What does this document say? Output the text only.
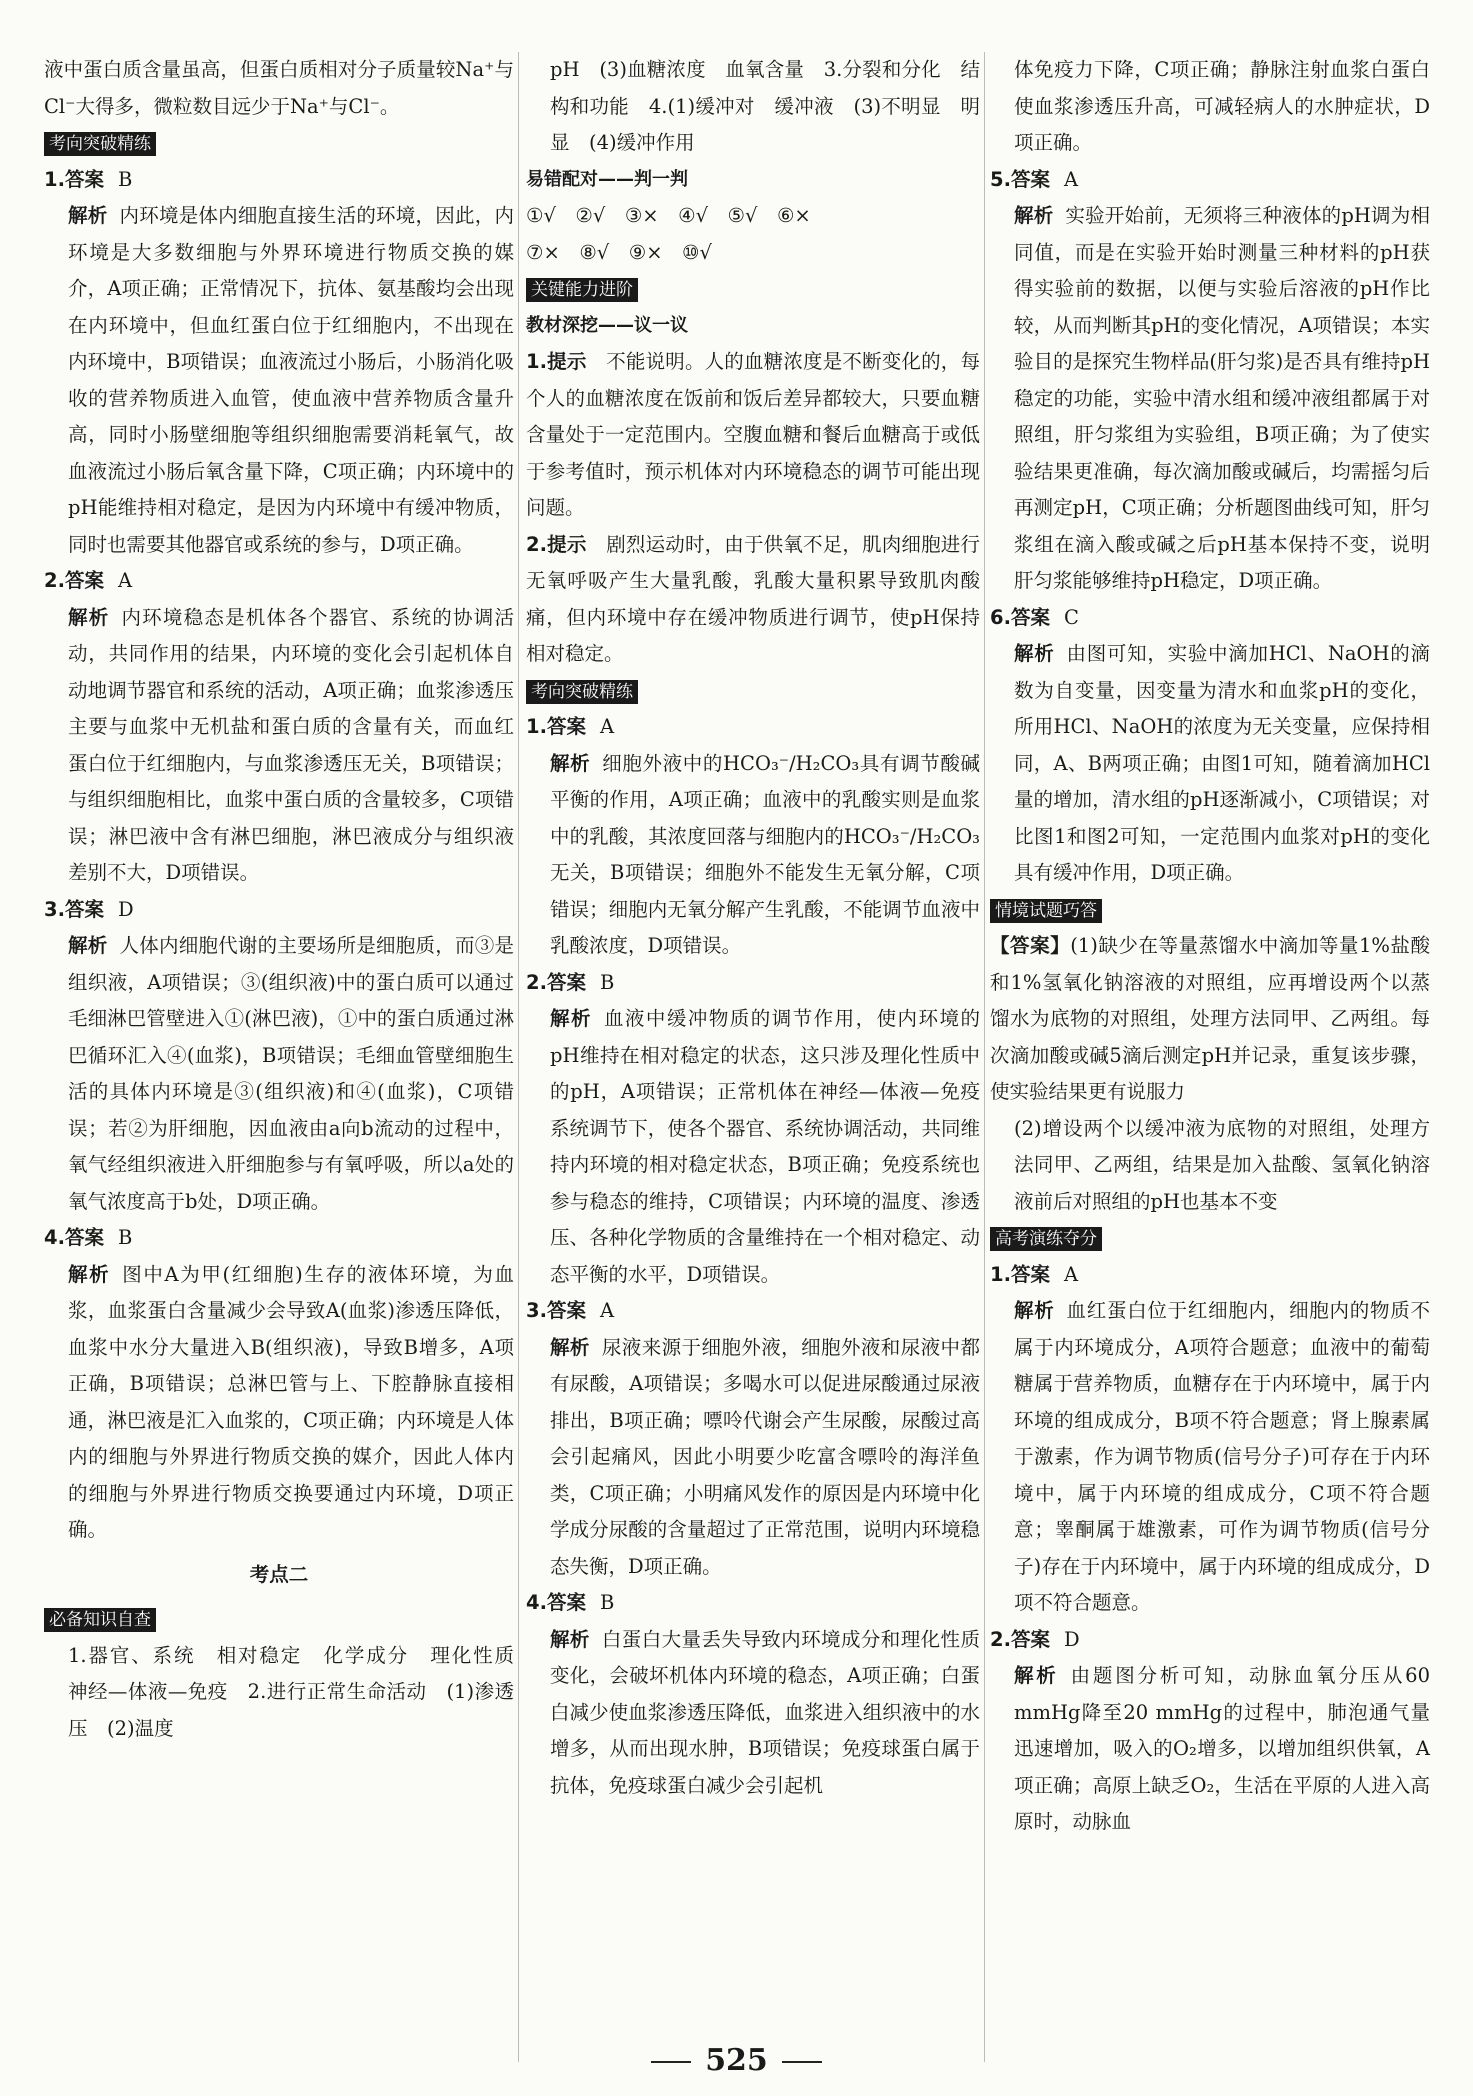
液中蛋白质含量虽高，但蛋白质相对分子质量较Na⁺与Cl⁻大得多，微粒数目远少于Na⁺与Cl⁻。

考向突破精练
1.答案 B

解析 内环境是体内细胞直接生活的环境，因此，内环境是大多数细胞与外界环境进行物质交换的媒介，A项正确；正常情况下，抗体、氨基酸均会出现在内环境中，但血红蛋白位于红细胞内，不出现在内环境中，B项错误；血液流过小肠后，小肠消化吸收的营养物质进入血管，使血液中营养物质含量升高，同时小肠壁细胞等组织细胞需要消耗氧气，故血液流过小肠后氧含量下降，C项正确；内环境中的pH能维持相对稳定，是因为内环境中有缓冲物质，同时也需要其他器官或系统的参与，D项正确。

2.答案 A

解析 内环境稳态是机体各个器官、系统的协调活动，共同作用的结果，内环境的变化会引起机体自动地调节器官和系统的活动，A项正确；血浆渗透压主要与血浆中无机盐和蛋白质的含量有关，而血红蛋白位于红细胞内，与血浆渗透压无关，B项错误；与组织细胞相比，血浆中蛋白质的含量较多，C项错误；淋巴液中含有淋巴细胞，淋巴液成分与组织液差别不大，D项错误。

3.答案 D

解析 人体内细胞代谢的主要场所是细胞质，而③是组织液，A项错误；③(组织液)中的蛋白质可以通过毛细淋巴管壁进入①(淋巴液)，①中的蛋白质通过淋巴循环汇入④(血浆)，B项错误；毛细血管壁细胞生活的具体内环境是③(组织液)和④(血浆)，C项错误；若②为肝细胞，因血液由a向b流动的过程中，氧气经组织液进入肝细胞参与有氧呼吸，所以a处的氧气浓度高于b处，D项正确。

4.答案 B

解析 图中A为甲(红细胞)生存的液体环境，为血浆，血浆蛋白含量减少会导致A(血浆)渗透压降低，血浆中水分大量进入B(组织液)，导致B增多，A项正确，B项错误；总淋巴管与上、下腔静脉直接相通，淋巴液是汇入血浆的，C项正确；内环境是人体内的细胞与外界进行物质交换的媒介，因此人体内的细胞与外界进行物质交换要通过内环境，D项正确。

考点二
必备知识自查

1.器官、系统　相对稳定　化学成分　理化性质　神经—体液—免疫　2.进行正常生命活动　(1)渗透压　(2)温度

pH　(3)血糖浓度　血氧含量　3.分裂和分化　结构和功能　4.(1)缓冲对　缓冲液　(3)不明显　明显　(4)缓冲作用

易错配对——判一判

①√　②√　③×　④√　⑤√　⑥×

⑦×　⑧√　⑨×　⑩√

关键能力进阶
教材深挖——议一议

1.提示　 不能说明。人的血糖浓度是不断变化的，每个人的血糖浓度在饭前和饭后差异都较大，只要血糖含量处于一定范围内。空腹血糖和餐后血糖高于或低于参考值时，预示机体对内环境稳态的调节可能出现问题。

2.提示　 剧烈运动时，由于供氧不足，肌肉细胞进行无氧呼吸产生大量乳酸，乳酸大量积累导致肌肉酸痛，但内环境中存在缓冲物质进行调节，使pH保持相对稳定。

考向突破精练
1.答案 A

解析 细胞外液中的HCO₃⁻/H₂CO₃具有调节酸碱平衡的作用，A项正确；血液中的乳酸实则是血浆中的乳酸，其浓度回落与细胞内的HCO₃⁻/H₂CO₃无关，B项错误；细胞外不能发生无氧分解，C项错误；细胞内无氧分解产生乳酸，不能调节血液中乳酸浓度，D项错误。

2.答案 B

解析 血液中缓冲物质的调节作用，使内环境的pH维持在相对稳定的状态，这只涉及理化性质中的pH，A项错误；正常机体在神经—体液—免疫系统调节下，使各个器官、系统协调活动，共同维持内环境的相对稳定状态，B项正确；免疫系统也参与稳态的维持，C项错误；内环境的温度、渗透压、各种化学物质的含量维持在一个相对稳定、动态平衡的水平，D项错误。

3.答案 A

解析 尿液来源于细胞外液，细胞外液和尿液中都有尿酸，A项错误；多喝水可以促进尿酸通过尿液排出，B项正确；嘌呤代谢会产生尿酸，尿酸过高会引起痛风，因此小明要少吃富含嘌呤的海洋鱼类，C项正确；小明痛风发作的原因是内环境中化学成分尿酸的含量超过了正常范围，说明内环境稳态失衡，D项正确。

4.答案 B

解析 白蛋白大量丢失导致内环境成分和理化性质变化，会破坏机体内环境的稳态，A项正确；白蛋白减少使血浆渗透压降低，血浆进入组织液中的水增多，从而出现水肿，B项错误；免疫球蛋白属于抗体，免疫球蛋白减少会引起机

体免疫力下降，C项正确；静脉注射血浆白蛋白使血浆渗透压升高，可减轻病人的水肿症状，D项正确。

5.答案 A

解析 实验开始前，无须将三种液体的pH调为相同值，而是在实验开始时测量三种材料的pH获得实验前的数据，以便与实验后溶液的pH作比较，从而判断其pH的变化情况，A项错误；本实验目的是探究生物样品(肝匀浆)是否具有维持pH稳定的功能，实验中清水组和缓冲液组都属于对照组，肝匀浆组为实验组，B项正确；为了使实验结果更准确，每次滴加酸或碱后，均需摇匀后再测定pH，C项正确；分析题图曲线可知，肝匀浆组在滴入酸或碱之后pH基本保持不变，说明肝匀浆能够维持pH稳定，D项正确。

6.答案 C

解析 由图可知，实验中滴加HCl、NaOH的滴数为自变量，因变量为清水和血浆pH的变化，所用HCl、NaOH的浓度为无关变量，应保持相同，A、B两项正确；由图1可知，随着滴加HCl量的增加，清水组的pH逐渐减小，C项错误；对比图1和图2可知，一定范围内血浆对pH的变化具有缓冲作用，D项正确。

情境试题巧答

【答案】(1)缺少在等量蒸馏水中滴加等量1%盐酸和1%氢氧化钠溶液的对照组，应再增设两个以蒸馏水为底物的对照组，处理方法同甲、乙两组。每次滴加酸或碱5滴后测定pH并记录，重复该步骤，使实验结果更有说服力

(2)增设两个以缓冲液为底物的对照组，处理方法同甲、乙两组，结果是加入盐酸、氢氧化钠溶液前后对照组的pH也基本不变

高考演练夺分
1.答案 A

解析 血红蛋白位于红细胞内，细胞内的物质不属于内环境成分，A项符合题意；血液中的葡萄糖属于营养物质，血糖存在于内环境中，属于内环境的组成成分，B项不符合题意；肾上腺素属于激素，作为调节物质(信号分子)可存在于内环境中，属于内环境的组成成分，C项不符合题意；睾酮属于雄激素，可作为调节物质(信号分子)存在于内环境中，属于内环境的组成成分，D项不符合题意。

2.答案 D

解析 由题图分析可知，动脉血氧分压从60 mmHg降至20 mmHg的过程中，肺泡通气量迅速增加，吸入的O₂增多，以增加组织供氧，A项正确；高原上缺乏O₂，生活在平原的人进入高原时，动脉血

525
